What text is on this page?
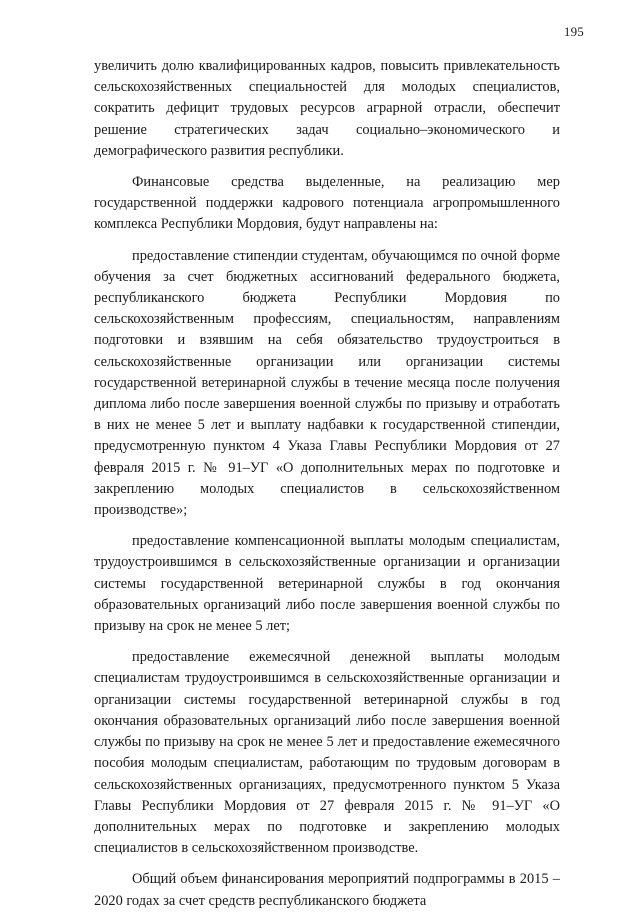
195

увеличить долю квалифицированных кадров, повысить привлекательность сельскохозяйственных специальностей для молодых специалистов, сократить дефицит трудовых ресурсов аграрной отрасли, обеспечит решение стратегических задач социально–экономического и демографического развития республики.

Финансовые средства выделенные, на реализацию мер государственной поддержки кадрового потенциала агропромышленного комплекса Республики Мордовия, будут направлены на:

предоставление стипендии студентам, обучающимся по очной форме обучения за счет бюджетных ассигнований федерального бюджета, республиканского бюджета Республики Мордовия по сельскохозяйственным профессиям, специальностям, направлениям подготовки и взявшим на себя обязательство трудоустроиться в сельскохозяйственные организации или организации системы государственной ветеринарной службы в течение месяца после получения диплома либо после завершения военной службы по призыву и отработать в них не менее 5 лет и выплату надбавки к государственной стипендии, предусмотренную пунктом 4 Указа Главы Республики Мордовия от 27 февраля 2015 г. № 91–УГ «О дополнительных мерах по подготовке и закреплению молодых специалистов в сельскохозяйственном производстве»;

предоставление компенсационной выплаты молодым специалистам, трудоустроившимся в сельскохозяйственные организации и организации системы государственной ветеринарной службы в год окончания образовательных организаций либо после завершения военной службы по призыву на срок не менее 5 лет;

предоставление ежемесячной денежной выплаты молодым специалистам трудоустроившимся в сельскохозяйственные организации и организации системы государственной ветеринарной службы в год окончания образовательных организаций либо после завершения военной службы по призыву на срок не менее 5 лет и предоставление ежемесячного пособия молодым специалистам, работающим по трудовым договорам в сельскохозяйственных организациях, предусмотренного пунктом 5 Указа Главы Республики Мордовия от 27 февраля 2015 г. № 91–УГ «О дополнительных мерах по подготовке и закреплению молодых специалистов в сельскохозяйственном производстве.

Общий объем финансирования мероприятий подпрограммы в 2015 – 2020 годах за счет средств республиканского бюджета
